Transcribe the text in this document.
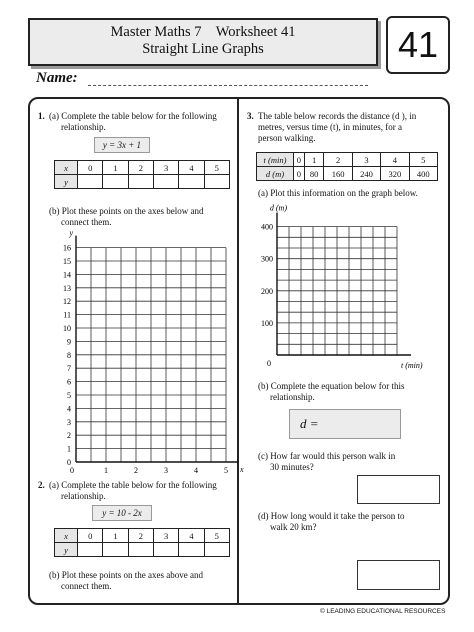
Master Maths 7    Worksheet 41
Straight Line Graphs	41
Name:
1. (a) Complete the table below for the following
relationship.
y = 3x + 1
x	0	1	2	3	4	5
y						
(b) Plot these points on the axes below and
connect them.
0
1
2
3
4
5
6
7
8
9
10
11
12
13
14
15
16
1	2	3	4	5
0
y
x
2. (a) Complete the table below for the following
relationship.
y = 10 - 2x
x	0	1	2	3	4	5
y						
(b) Plot these points on the axes above and
connect them.
3. The table below records the distance (d ), in
metres, versus time (t), in minutes, for a
person walking.
t (min)	0	1	2	3	4	5
d (m)	0	80	160	240	320	400
(a) Plot this information on the graph below.
100
200
300
400
0
d (m)
t (min)
(b) Complete the equation below for this
relationship.
d =
(c) How far would this person walk in
30 minutes?
(d) How long would it take the person to
walk 20 km?
© LEADING EDUCATIONAL RESOURCES
